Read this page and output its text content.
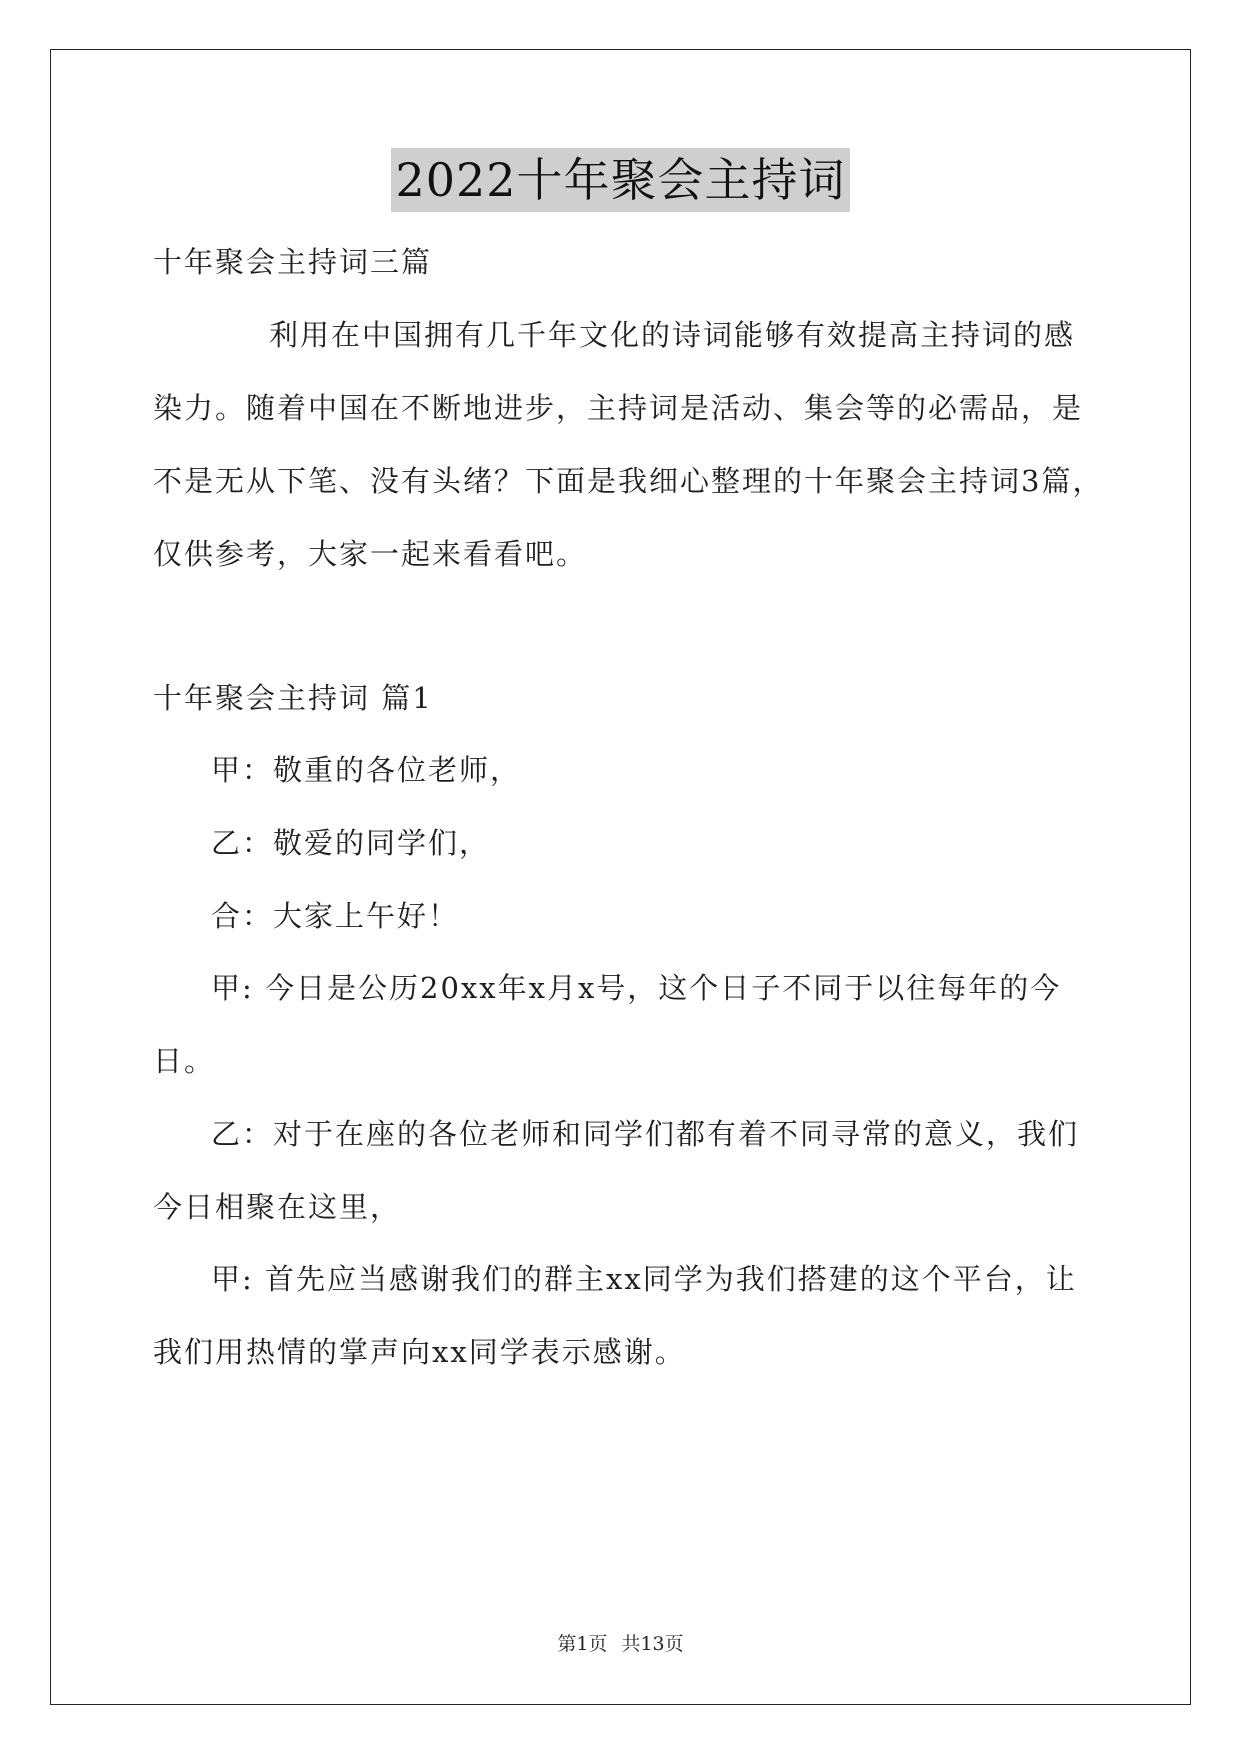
2022十年聚会主持词

十年聚会主持词三篇

利用在中国拥有几千年文化的诗词能够有效提高主持词的感

染力。随着中国在不断地进步，主持词是活动、集会等的必需品，是

不是无从下笔、没有头绪？下面是我细心整理的十年聚会主持词3篇，

仅供参考，大家一起来看看吧。

十年聚会主持词 篇1

甲：敬重的各位老师，

乙：敬爱的同学们，

合：大家上午好！

甲: 今日是公历20xx年x月x号，这个日子不同于以往每年的今

日。

乙：对于在座的各位老师和同学们都有着不同寻常的意义，我们

今日相聚在这里，

甲: 首先应当感谢我们的群主xx同学为我们搭建的这个平台，让

我们用热情的掌声向xx同学表示感谢。

第1页 共13页
